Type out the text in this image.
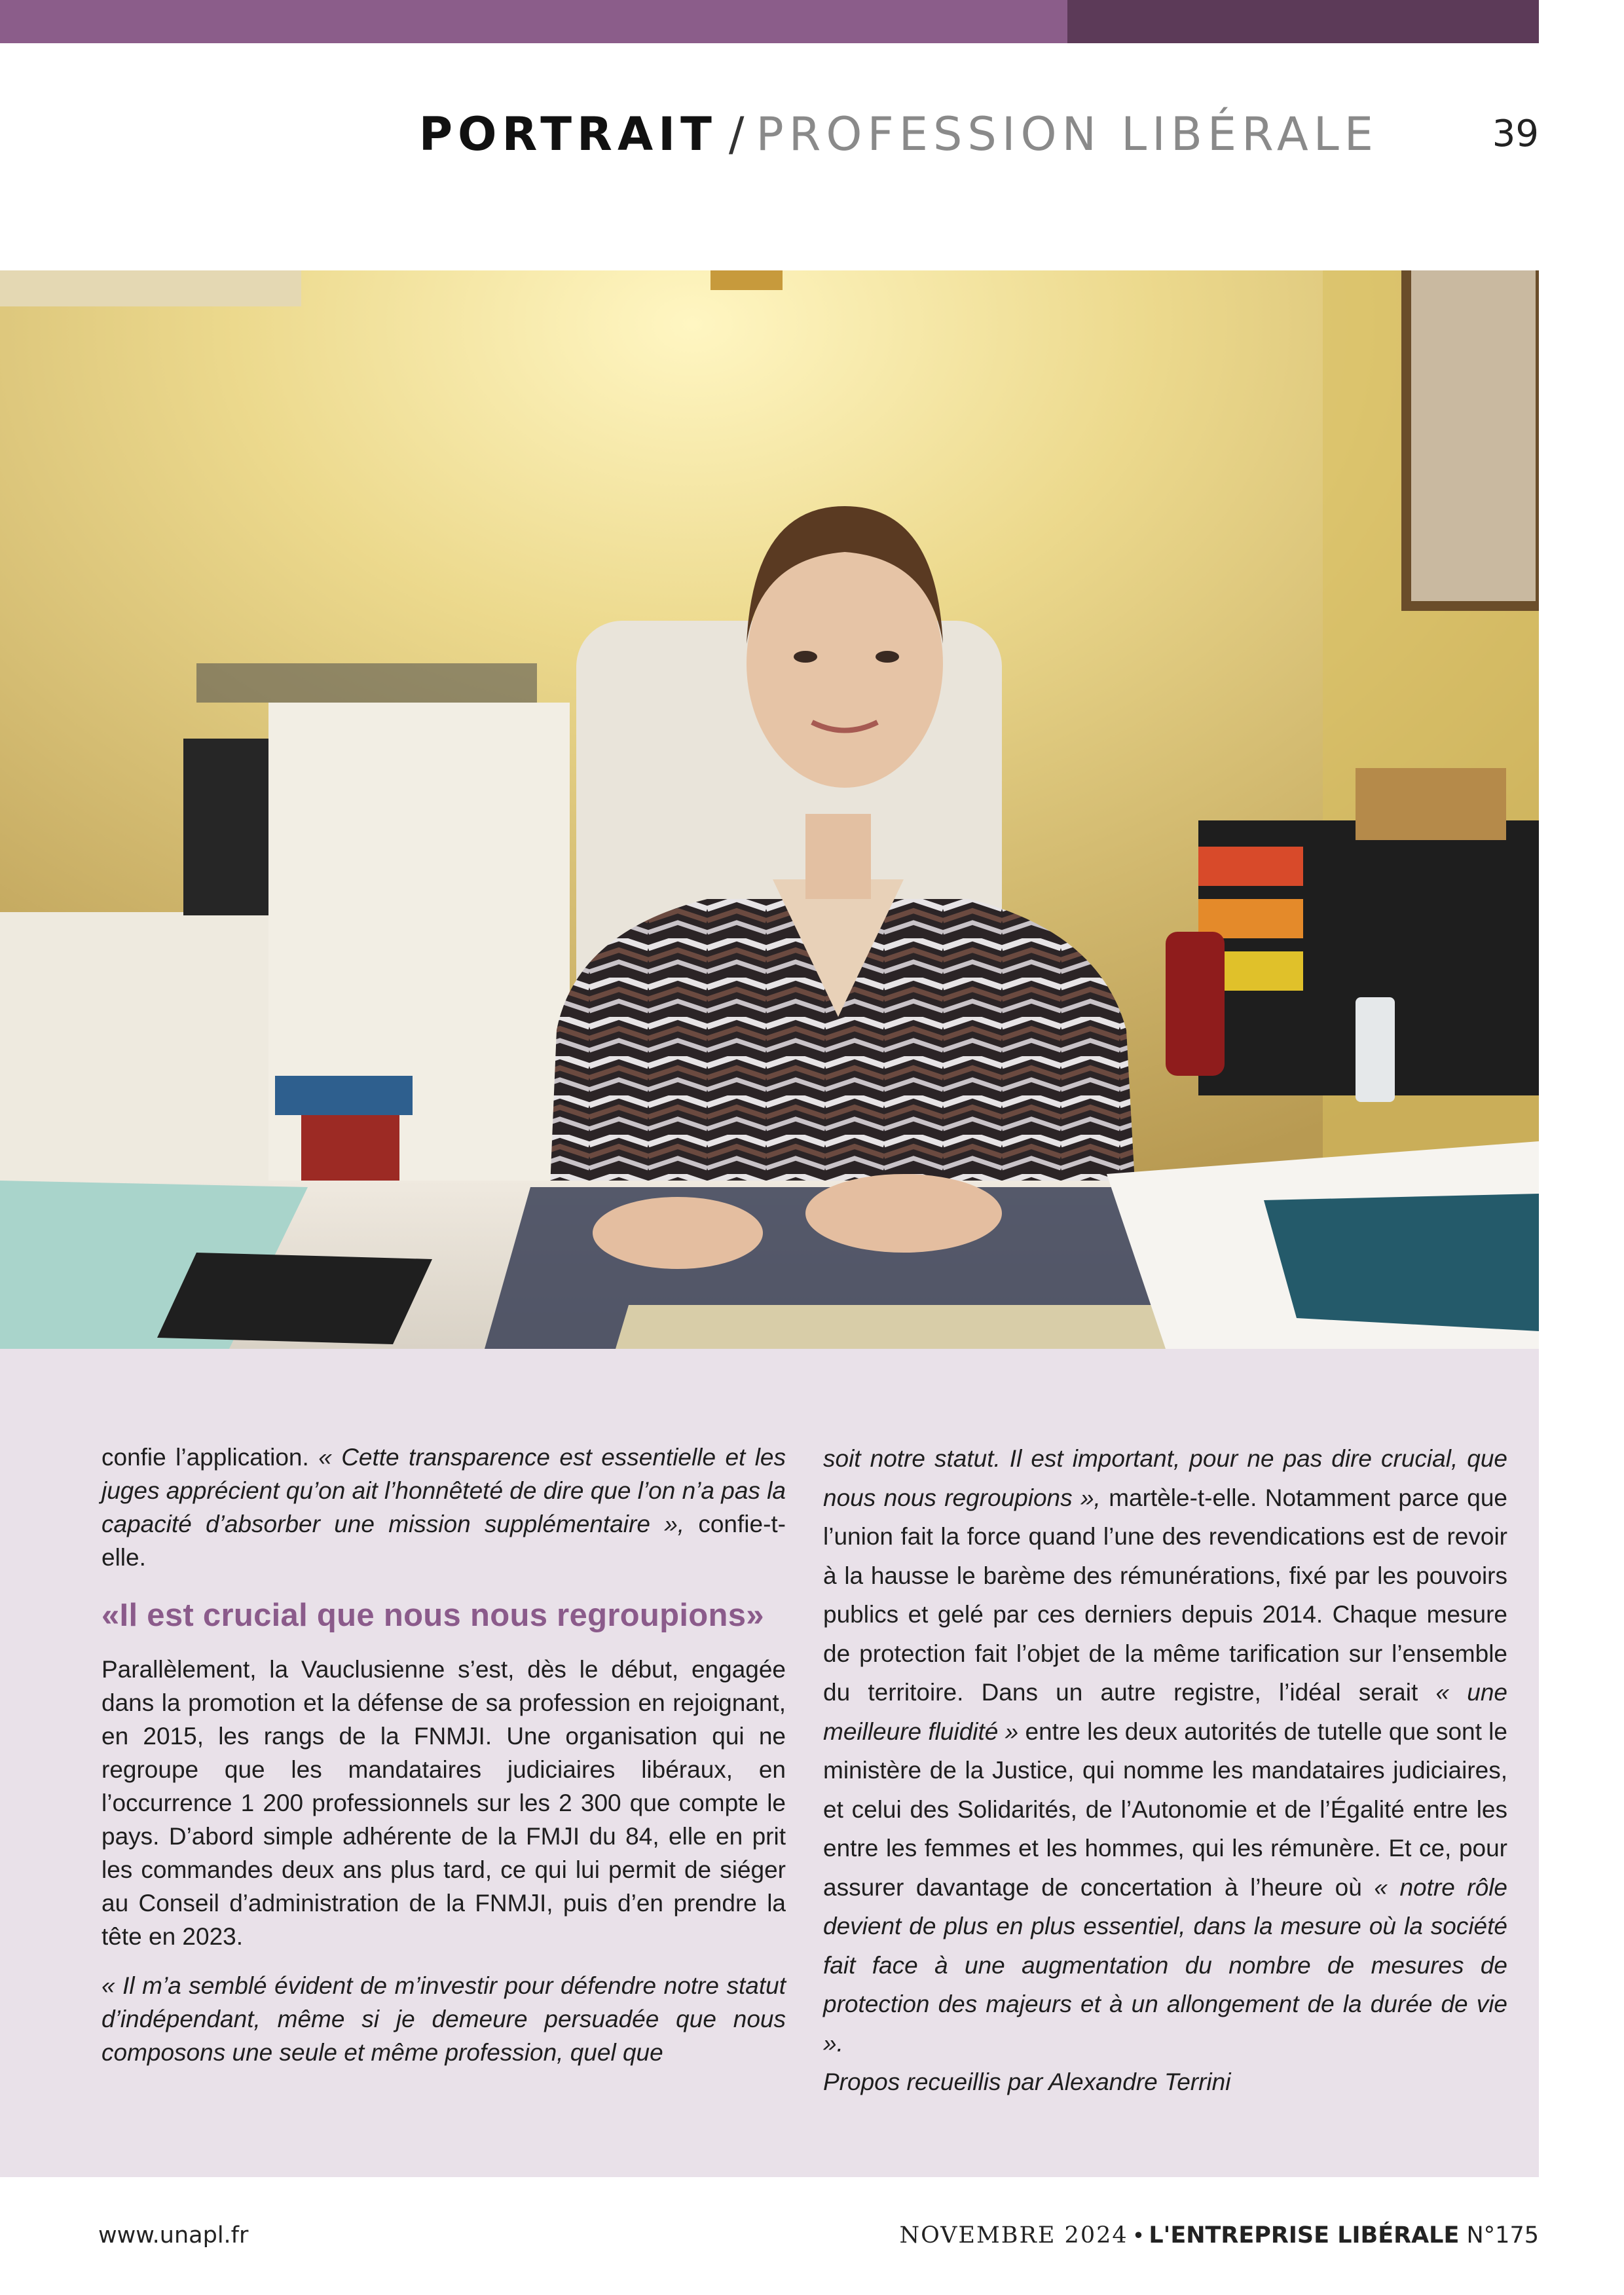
PORTRAIT / PROFESSION LIBÉRALE	39

confie l’application. « Cette transparence est essentielle et les juges apprécient qu’on ait l’honnêteté de dire que l’on n’a pas la capacité d’absorber une mission supplémentaire », confie-t-elle.

«Il est crucial que nous nous regroupions»

Parallèlement, la Vauclusienne s’est, dès le début, engagée dans la promotion et la défense de sa profession en rejoignant, en 2015, les rangs de la FNMJI. Une organisation qui ne regroupe que les mandataires judiciaires libéraux, en l’occurrence 1 200 professionnels sur les 2 300 que compte le pays. D’abord simple adhérente de la FMJI du 84, elle en prit les commandes deux ans plus tard, ce qui lui permit de siéger au Conseil d’administration de la FNMJI, puis d’en prendre la tête en 2023.

« Il m’a semblé évident de m’investir pour défendre notre statut d’indépendant, même si je demeure persuadée que nous composons une seule et même profession, quel que

soit notre statut. Il est important, pour ne pas dire crucial, que nous nous regroupions », martèle-t-elle. Notamment parce que l’union fait la force quand l’une des revendications est de revoir à la hausse le barème des rémunérations, fixé par les pouvoirs publics et gelé par ces derniers depuis 2014. Chaque mesure de protection fait l’objet de la même tarification sur l’ensemble du territoire. Dans un autre registre, l’idéal serait « une meilleure fluidité » entre les deux autorités de tutelle que sont le ministère de la Justice, qui nomme les mandataires judiciaires, et celui des Solidarités, de l’Autonomie et de l’Égalité entre les entre les femmes et les hommes, qui les rémunère. Et ce, pour assurer davantage de concertation à l’heure où « notre rôle devient de plus en plus essentiel, dans la mesure où la société fait face à une augmentation du nombre de mesures de protection des majeurs et à un allongement de la durée de vie ».

Propos recueillis par Alexandre Terrini

www.unapl.fr	NOVEMBRE 2024 • L'ENTREPRISE LIBÉRALE N°175
